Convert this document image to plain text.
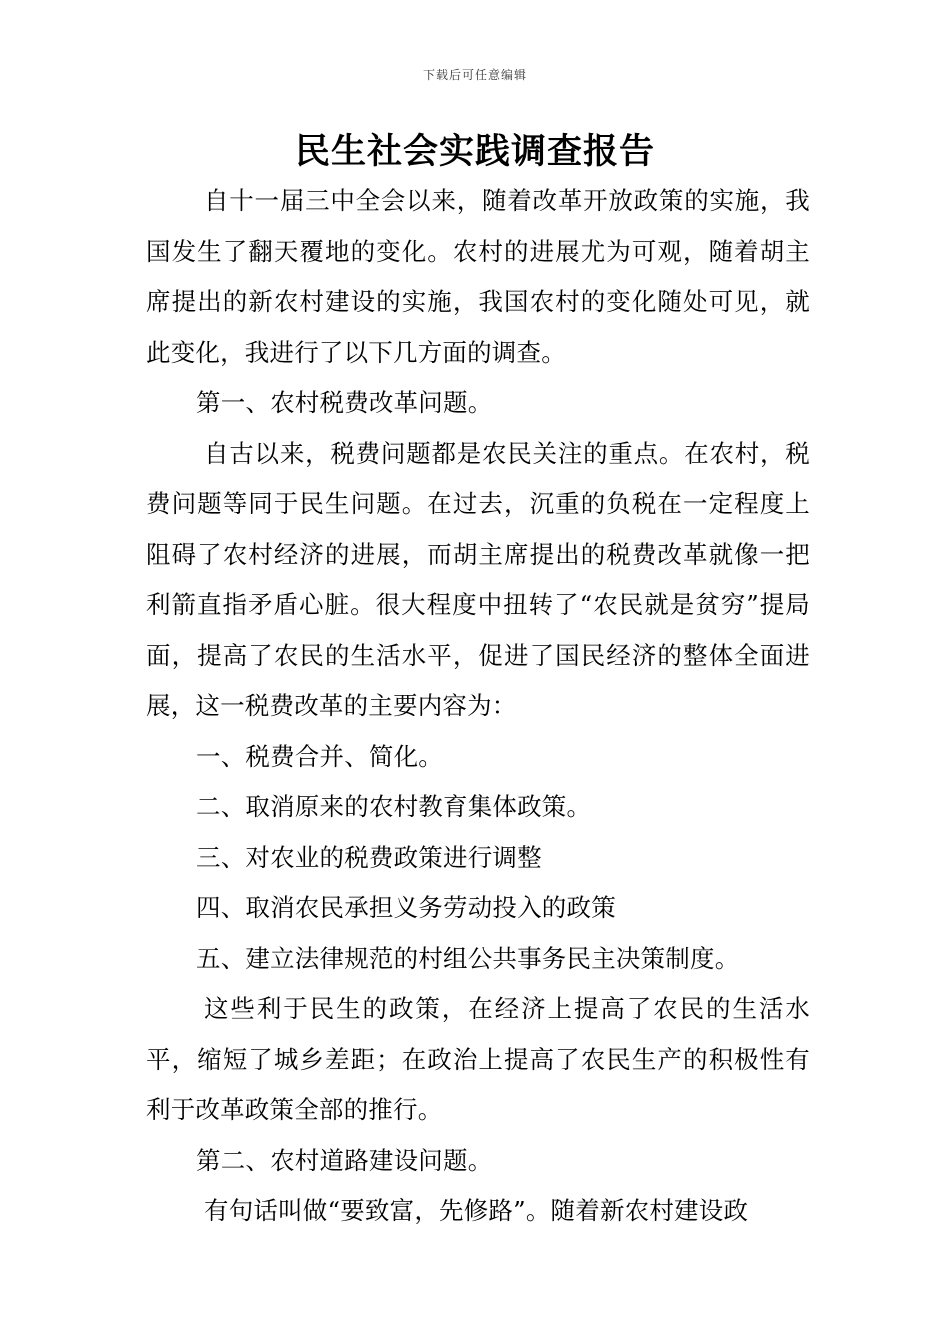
下载后可任意编辑
民生社会实践调查报告

自十一届三中全会以来，随着改革开放政策的实施，我国发生了翻天覆地的变化。农村的进展尤为可观，随着胡主席提出的新农村建设的实施，我国农村的变化随处可见，就此变化，我进行了以下几方面的调查。

第一、农村税费改革问题。

自古以来，税费问题都是农民关注的重点。在农村，税费问题等同于民生问题。在过去，沉重的负税在一定程度上阻碍了农村经济的进展，而胡主席提出的税费改革就像一把利箭直指矛盾心脏。很大程度中扭转了“农民就是贫穷”提局面，提高了农民的生活水平，促进了国民经济的整体全面进展，这一税费改革的主要内容为：

一、税费合并、简化。

二、取消原来的农村教育集体政策。

三、对农业的税费政策进行调整

四、取消农民承担义务劳动投入的政策

五、建立法律规范的村组公共事务民主决策制度。

这些利于民生的政策，在经济上提高了农民的生活水平，缩短了城乡差距；在政治上提高了农民生产的积极性有利于改革政策全部的推行。

第二、农村道路建设问题。

有句话叫做“要致富，先修路”。随着新农村建设政
